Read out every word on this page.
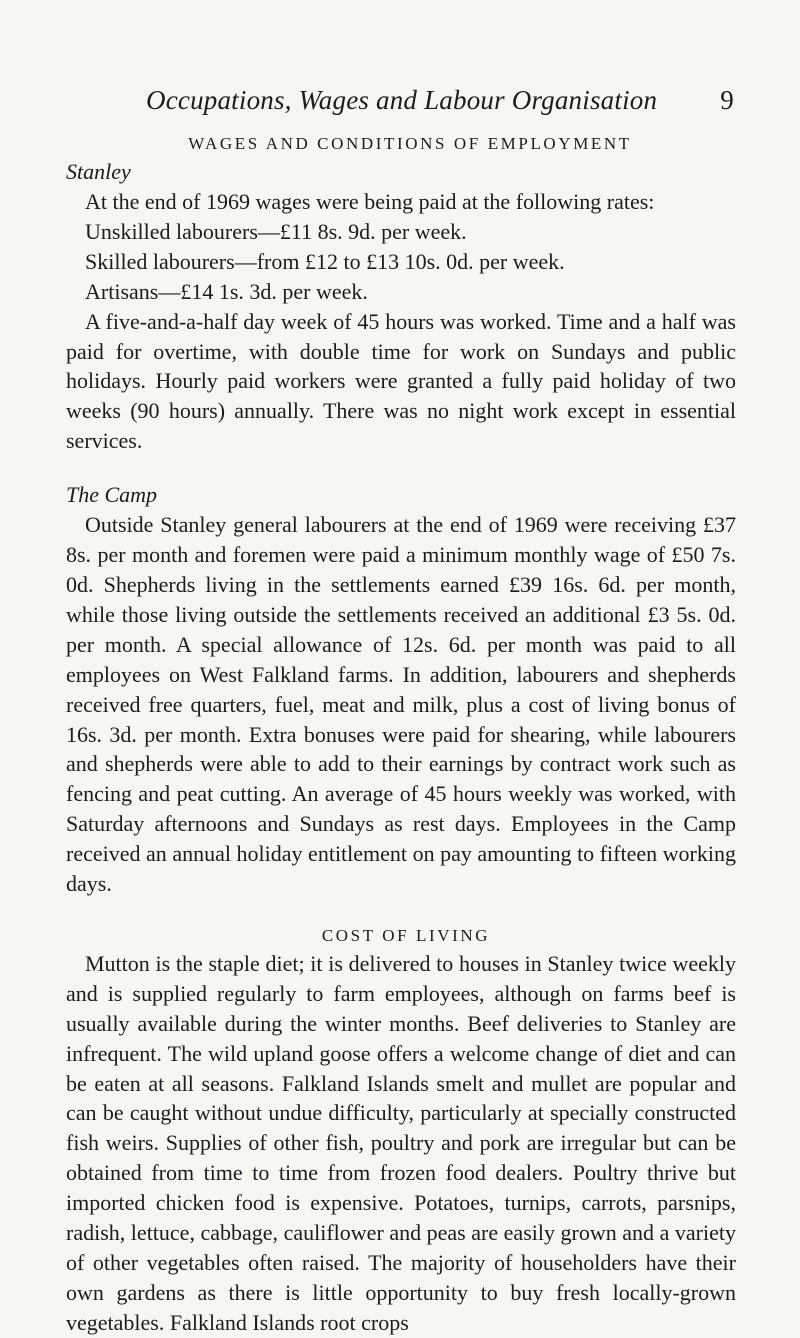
Occupations, Wages and Labour Organisation 9
WAGES AND CONDITIONS OF EMPLOYMENT

Stanley

At the end of 1969 wages were being paid at the following rates:

Unskilled labourers—£11 8s. 9d. per week.

Skilled labourers—from £12 to £13 10s. 0d. per week.

Artisans—£14 1s. 3d. per week.

A five-and-a-half day week of 45 hours was worked. Time and a half was paid for overtime, with double time for work on Sundays and public holidays. Hourly paid workers were granted a fully paid holiday of two weeks (90 hours) annually. There was no night work except in essential services.

The Camp

Outside Stanley general labourers at the end of 1969 were receiving £37 8s. per month and foremen were paid a minimum monthly wage of £50 7s. 0d. Shepherds living in the settlements earned £39 16s. 6d. per month, while those living outside the settlements received an additional £3 5s. 0d. per month. A special allowance of 12s. 6d. per month was paid to all employees on West Falkland farms. In addition, labourers and shepherds received free quarters, fuel, meat and milk, plus a cost of living bonus of 16s. 3d. per month. Extra bonuses were paid for shearing, while labourers and shepherds were able to add to their earnings by contract work such as fencing and peat cutting. An average of 45 hours weekly was worked, with Saturday afternoons and Sundays as rest days. Employees in the Camp received an annual holiday entitlement on pay amounting to fifteen working days.

COST OF LIVING

Mutton is the staple diet; it is delivered to houses in Stanley twice weekly and is supplied regularly to farm employees, although on farms beef is usually available during the winter months. Beef deliveries to Stanley are infrequent. The wild upland goose offers a welcome change of diet and can be eaten at all seasons. Falkland Islands smelt and mullet are popular and can be caught without undue difficulty, particularly at specially constructed fish weirs. Supplies of other fish, poultry and pork are irregular but can be obtained from time to time from frozen food dealers. Poultry thrive but imported chicken food is expensive. Potatoes, turnips, carrots, parsnips, radish, lettuce, cabbage, cauliflower and peas are easily grown and a variety of other vegetables often raised. The majority of householders have their own gardens as there is little opportunity to buy fresh locally-grown vegetables. Falkland Islands root crops
